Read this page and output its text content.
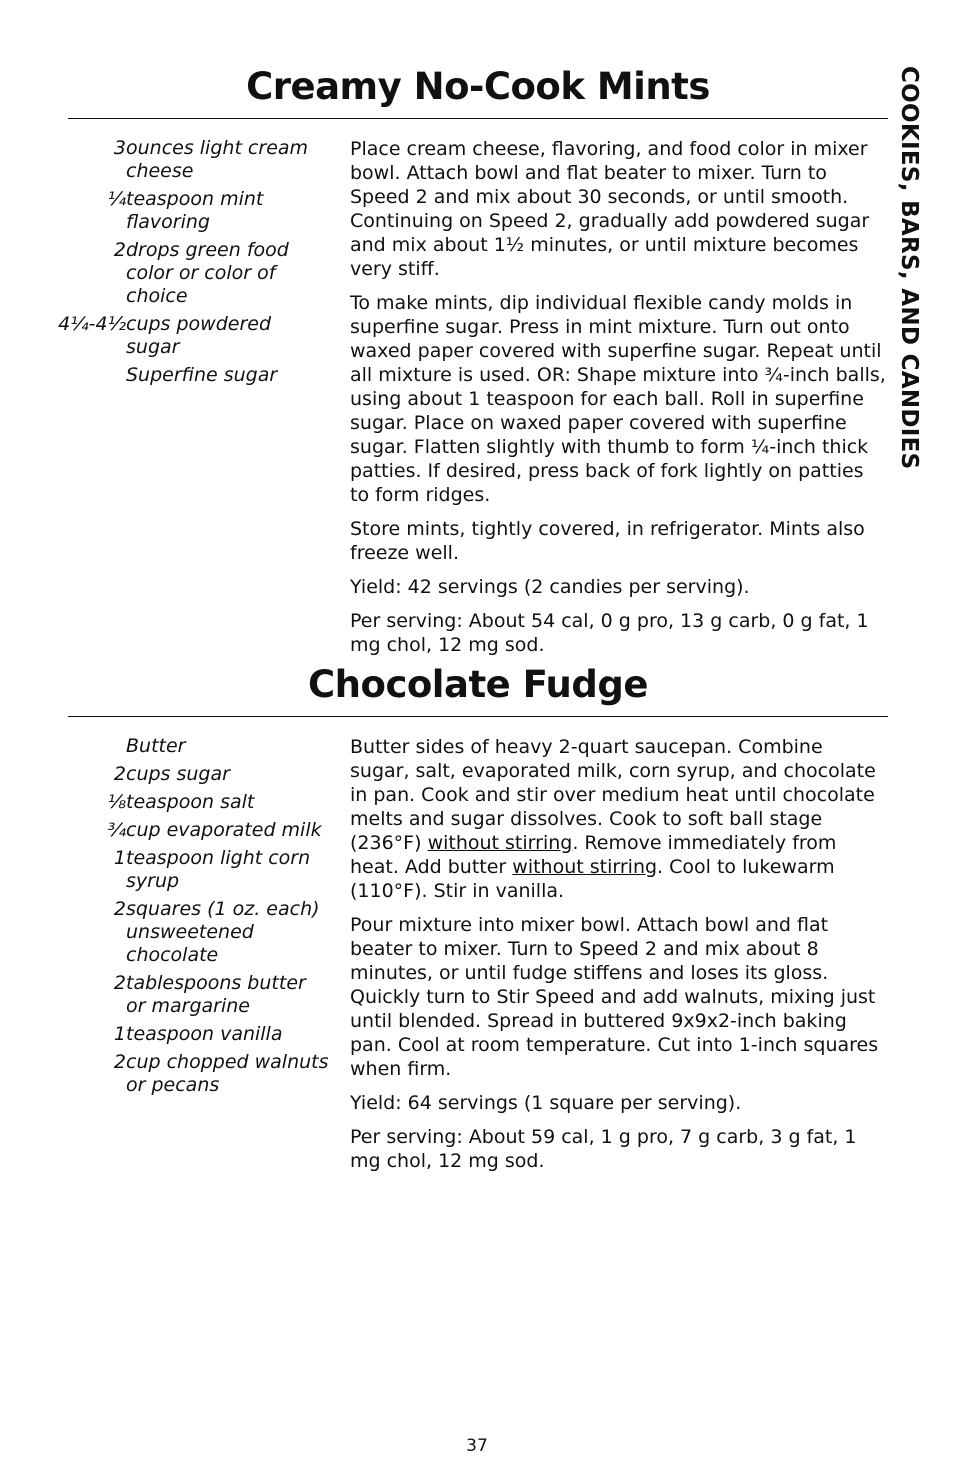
COOKIES, BARS, AND CANDIES
Creamy No-Cook Mints
3 ounces light cream cheese
¼ teaspoon mint flavoring
2 drops green food color or color of choice
4¼-4½ cups powdered sugar
Superfine sugar

Place cream cheese, flavoring, and food color in mixer bowl. Attach bowl and flat beater to mixer. Turn to Speed 2 and mix about 30 seconds, or until smooth. Continuing on Speed 2, gradually add powdered sugar and mix about 1½ minutes, or until mixture becomes very stiff.

To make mints, dip individual flexible candy molds in superfine sugar. Press in mint mixture. Turn out onto waxed paper covered with superfine sugar. Repeat until all mixture is used. OR: Shape mixture into ¾-inch balls, using about 1 teaspoon for each ball. Roll in superfine sugar. Place on waxed paper covered with superfine sugar. Flatten slightly with thumb to form ¼-inch thick patties. If desired, press back of fork lightly on patties to form ridges.

Store mints, tightly covered, in refrigerator. Mints also freeze well.

Yield: 42 servings (2 candies per serving).

Per serving: About 54 cal, 0 g pro, 13 g carb, 0 g fat, 1 mg chol, 12 mg sod.

Chocolate Fudge
Butter
2 cups sugar
⅛ teaspoon salt
¾ cup evaporated milk
1 teaspoon light corn syrup
2 squares (1 oz. each) unsweetened chocolate
2 tablespoons butter or margarine
1 teaspoon vanilla
2 cup chopped walnuts or pecans

Butter sides of heavy 2-quart saucepan. Combine sugar, salt, evaporated milk, corn syrup, and chocolate in pan. Cook and stir over medium heat until chocolate melts and sugar dissolves. Cook to soft ball stage (236°F) without stirring. Remove immediately from heat. Add butter without stirring. Cool to lukewarm (110°F). Stir in vanilla.

Pour mixture into mixer bowl. Attach bowl and flat beater to mixer. Turn to Speed 2 and mix about 8 minutes, or until fudge stiffens and loses its gloss. Quickly turn to Stir Speed and add walnuts, mixing just until blended. Spread in buttered 9x9x2-inch baking pan. Cool at room temperature. Cut into 1-inch squares when firm.

Yield: 64 servings (1 square per serving).

Per serving: About 59 cal, 1 g pro, 7 g carb, 3 g fat, 1 mg chol, 12 mg sod.

37
